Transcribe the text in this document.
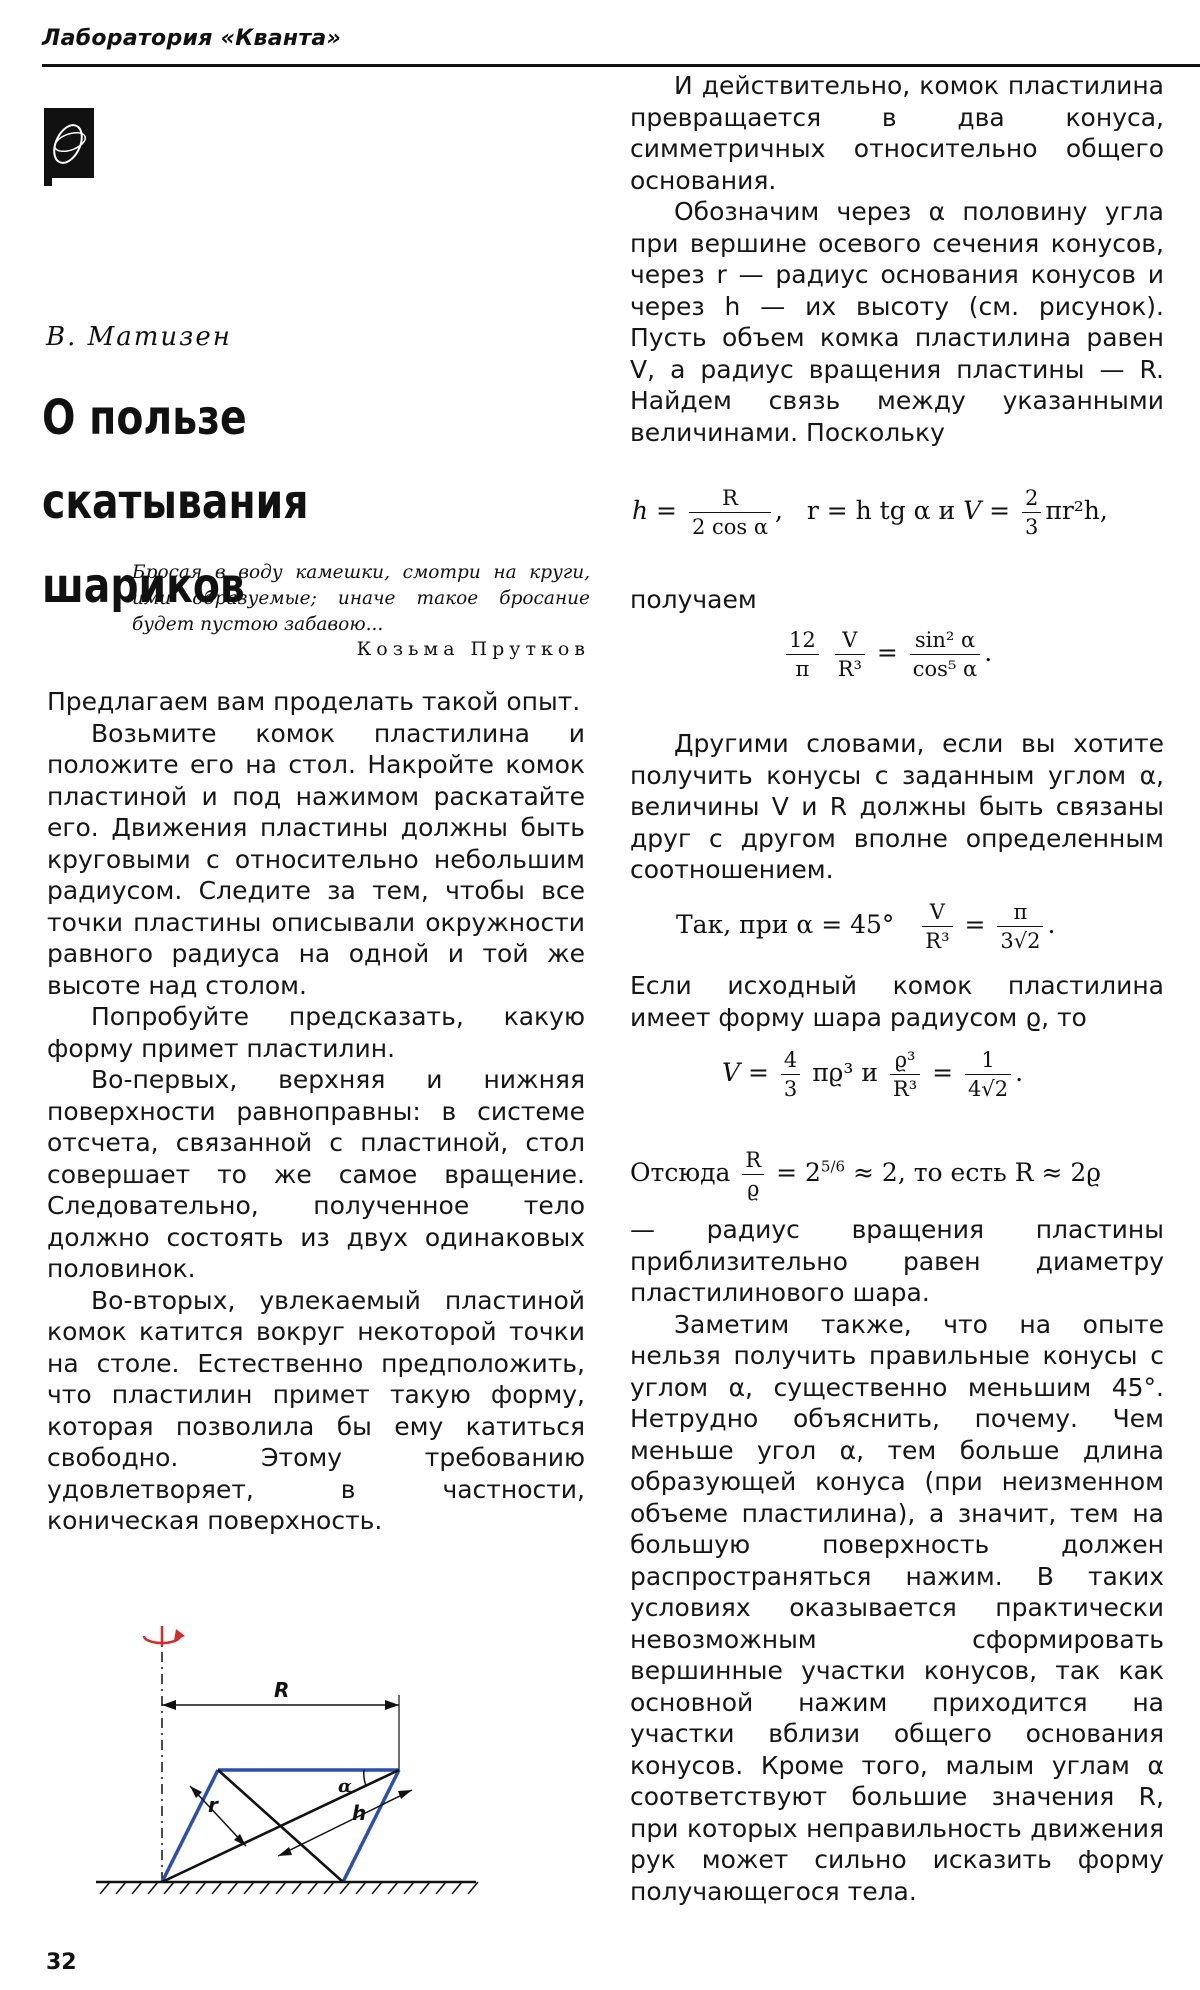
Лаборатория «Кванта»
В. Матизен
О пользе
скатывания шариков
Бросая в воду камешки, смотри на круги, ими образуемые; иначе такое бросание будет пустою забавою...
Козьма Прутков

Предлагаем вам проделать такой опыт.

Возьмите комок пластилина и положите его на стол. Накройте комок пластиной и под нажимом раскатайте его. Движения пластины должны быть круговыми с относительно небольшим радиусом. Следите за тем, чтобы все точки пластины описывали окружности равного радиуса на одной и той же высоте над столом.

Попробуйте предсказать, какую форму примет пластилин.

Во-первых, верхняя и нижняя поверхности равноправны: в системе отсчета, связанной с пластиной, стол совершает то же самое вращение. Следовательно, полученное тело должно состоять из двух одинаковых половинок.

Во-вторых, увлекаемый пластиной комок катится вокруг некоторой точки на столе. Естественно предположить, что пластилин примет такую форму, которая позволила бы ему катиться свободно. Этому требованию удовлетворяет, в частности, коническая поверхность.

R
r	h
α

И действительно, комок пластилина превращается в два конуса, симметричных относительно общего основания.

Обозначим через α половину угла при вершине осевого сечения конусов, через r — радиус основания конусов и через h — их высоту (см. рисунок). Пусть объем комка пластилина равен V, а радиус вращения пластины — R. Найдем связь между указанными величинами. Поскольку

$h = \frac{R}{\text{2 cos α}}$ , r = h tg α и $V = \frac{2}{3} \pi r^2h$,

получаем

$\frac{12}{\pi}$
$\frac{V}{\text{R³}} = \frac{\text{sin² α}}{\text{cos⁵ α}}$ .

Другими словами, если вы хотите получить конусы с заданным углом α, величины V и R должны быть связаны друг с другом вполне определенным соотношением.

Так, при $\alpha = 45^\circ \frac{V}{\text{R³}} = \frac{\pi}{3√2}$ .

Если исходный комок пластилина имеет форму шара радиусом ϱ, то

$V = \frac{4}{3} \pi ϱ^3$ и $\frac{\text{ϱ³}}{\text{R³}} = \frac{1}{4√2}$ .
Отсюда $\frac{R}{ϱ} = 2^{5/6} \approx 2$, то есть R ≈ 2ϱ

— радиус вращения пластины приблизительно равен диаметру пластилинового шара.

Заметим также, что на опыте нельзя получить правильные конусы с углом α, существенно меньшим 45°. Нетрудно объяснить, почему. Чем меньше угол α, тем больше длина образующей конуса (при неизменном объеме пластилина), а значит, тем на большую поверхность должен распространяться нажим. В таких условиях оказывается практически невозможным сформировать вершинные участки конусов, так как основной нажим приходится на участки вблизи общего основания конусов. Кроме того, малым углам α соответствуют большие значения R, при которых неправильность движения рук может сильно исказить форму получающегося тела.

32
